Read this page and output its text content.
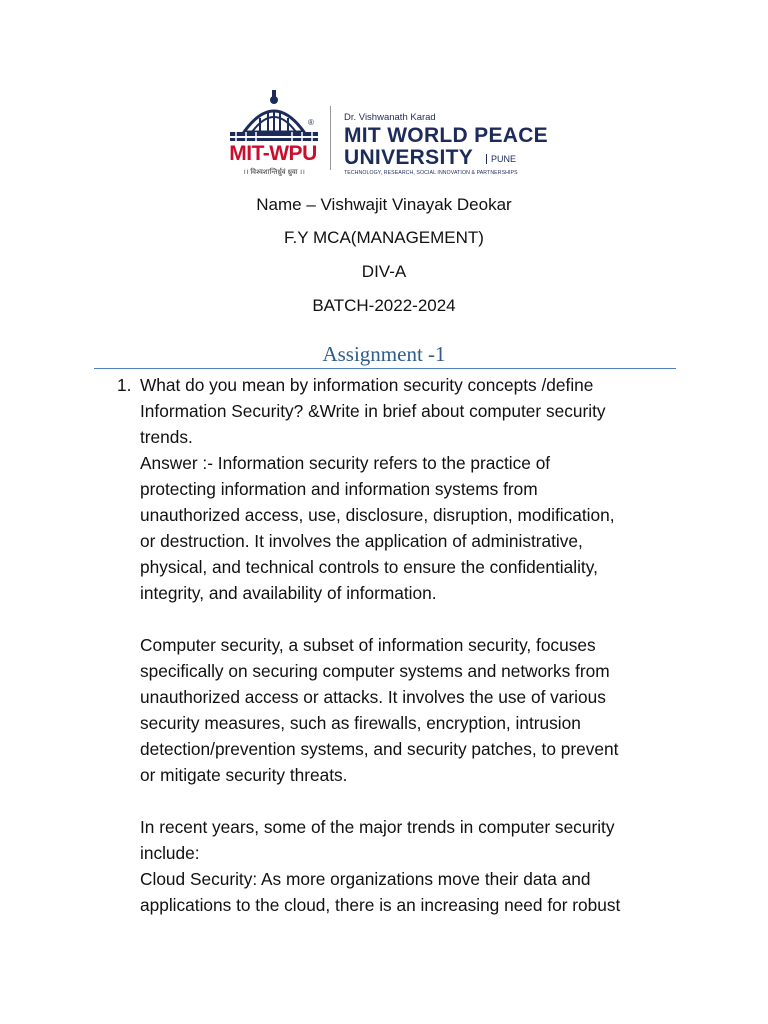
®
MIT-WPU
।। विश्वशान्तिर्ध्रुवं ध्रुवा ।।
Dr. Vishwanath Karad
MIT WORLD PEACE
UNIVERSITY	PUNE
TECHNOLOGY, RESEARCH, SOCIAL INNOVATION & PARTNERSHIPS
Name – Vishwajit Vinayak Deokar
F.Y MCA(MANAGEMENT)
DIV-A
BATCH-2022-2024
Assignment -1
1. What do you mean by information security concepts /define
Information Security? &Write in brief about computer security
trends.

Answer :- Information security refers to the practice of
protecting information and information systems from
unauthorized access, use, disclosure, disruption, modification,
or destruction. It involves the application of administrative,
physical, and technical controls to ensure the confidentiality,
integrity, and availability of information.

Computer security, a subset of information security, focuses
specifically on securing computer systems and networks from
unauthorized access or attacks. It involves the use of various
security measures, such as firewalls, encryption, intrusion
detection/prevention systems, and security patches, to prevent
or mitigate security threats.

In recent years, some of the major trends in computer security
include:
Cloud Security: As more organizations move their data and
applications to the cloud, there is an increasing need for robust
